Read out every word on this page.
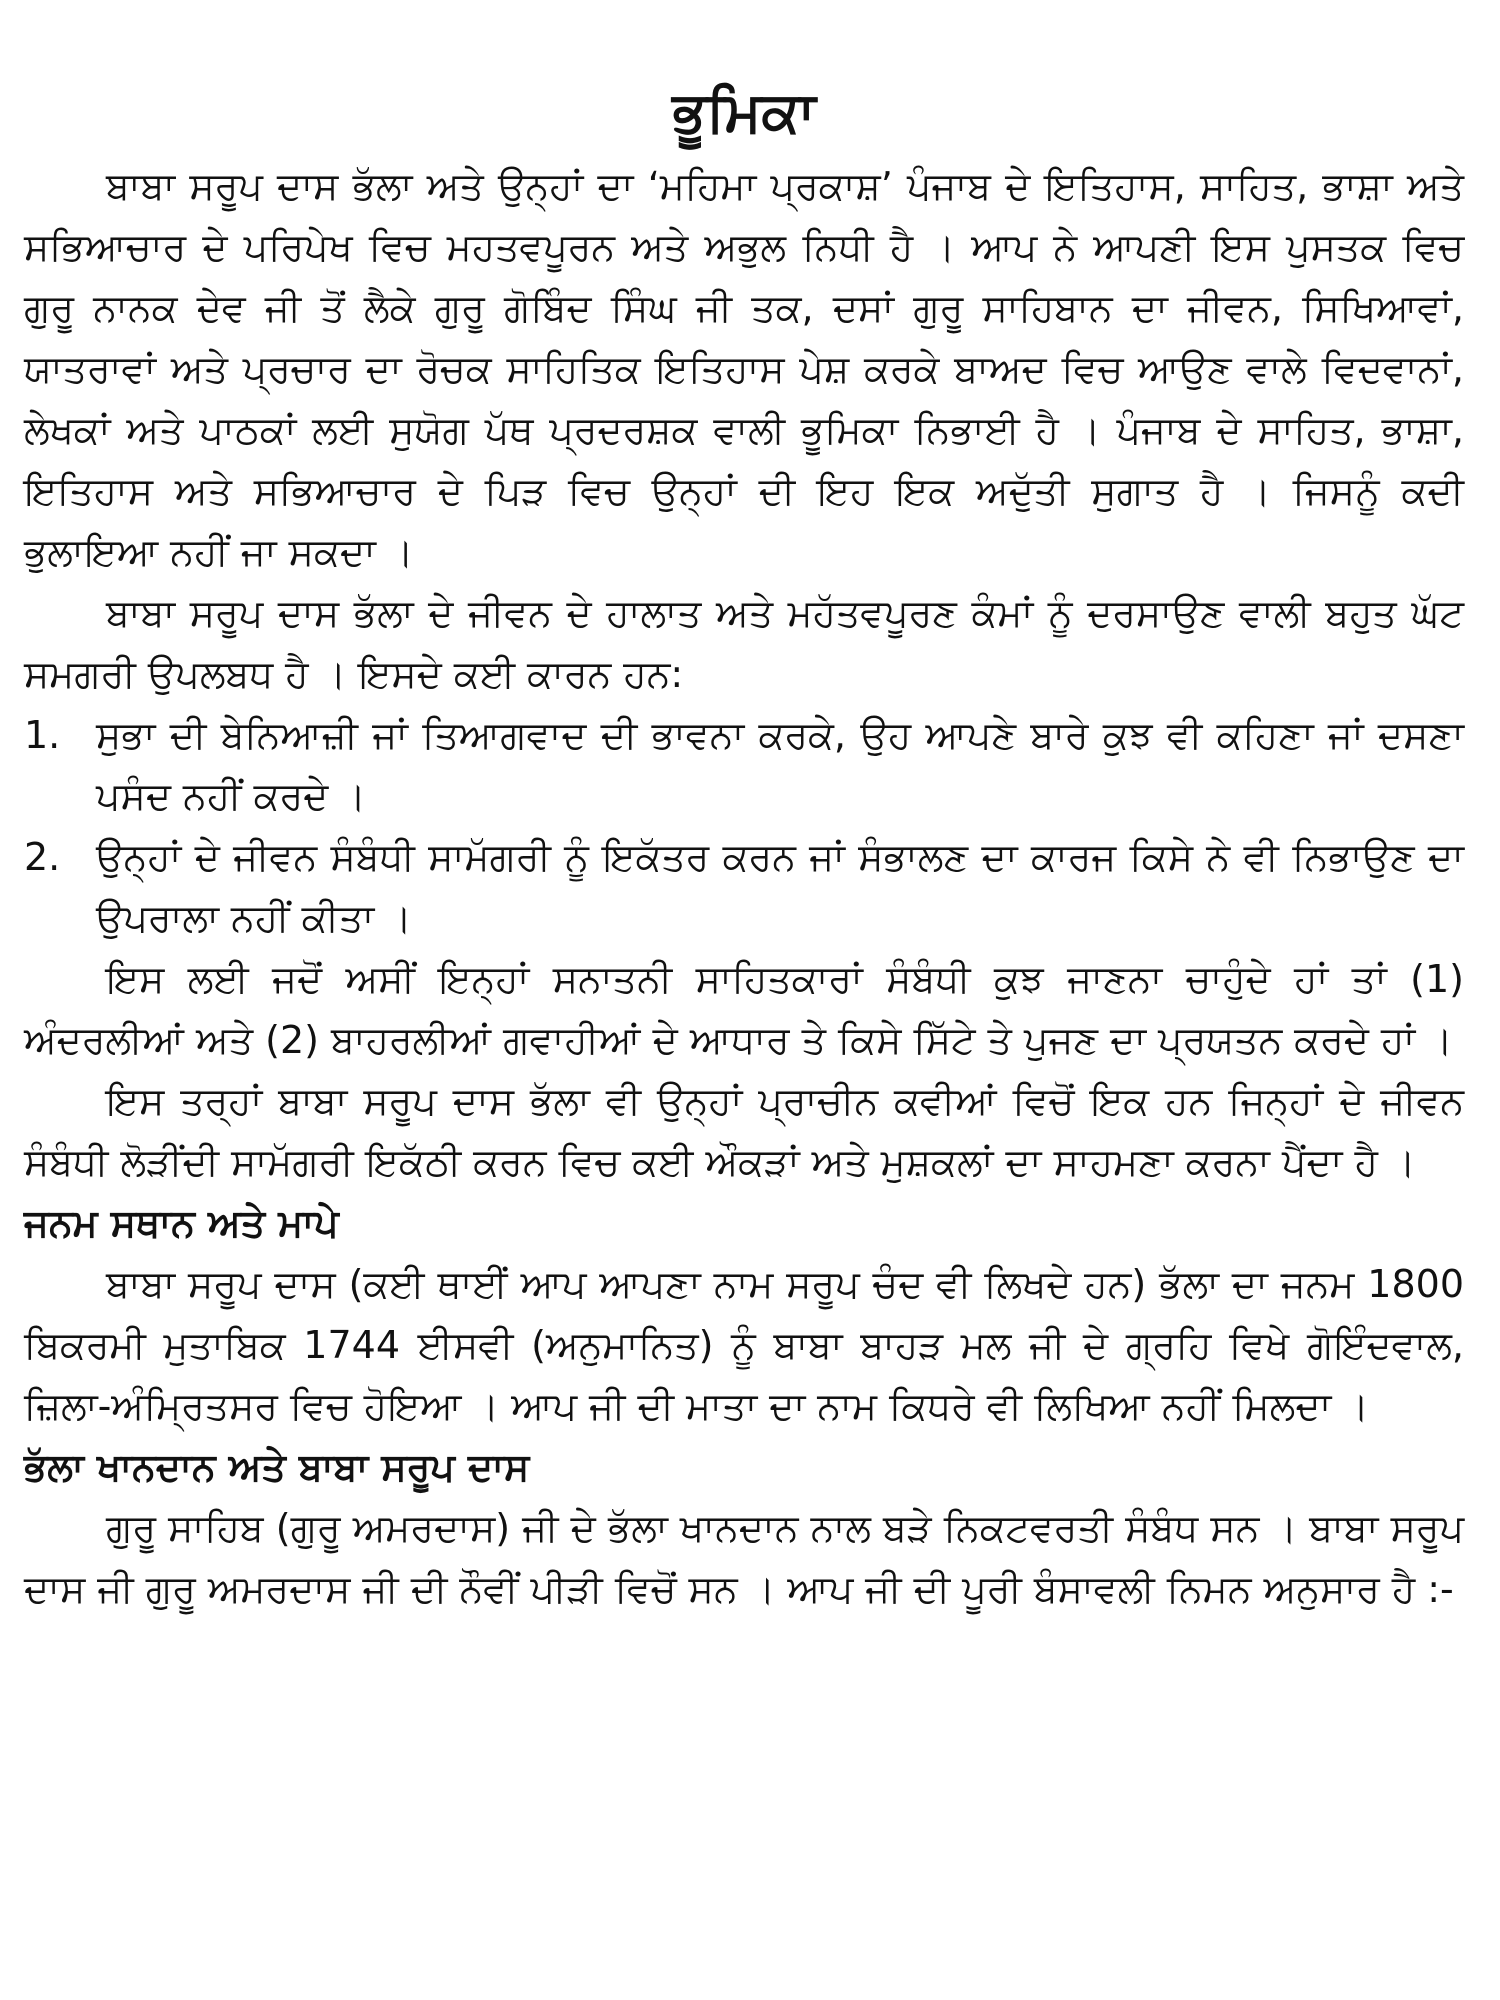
ਭੂਮਿਕਾ

ਬਾਬਾ ਸਰੂਪ ਦਾਸ ਭੱਲਾ ਅਤੇ ਉਨ੍ਹਾਂ ਦਾ ‘ਮਹਿਮਾ ਪ੍ਰਕਾਸ਼’ ਪੰਜਾਬ ਦੇ ਇਤਿਹਾਸ, ਸਾਹਿਤ, ਭਾਸ਼ਾ ਅਤੇ ਸਭਿਆਚਾਰ ਦੇ ਪਰਿਪੇਖ ਵਿਚ ਮਹਤਵਪੂਰਨ ਅਤੇ ਅਭੁਲ ਨਿਧੀ ਹੈ । ਆਪ ਨੇ ਆਪਣੀ ਇਸ ਪੁਸਤਕ ਵਿਚ ਗੁਰੂ ਨਾਨਕ ਦੇਵ ਜੀ ਤੋਂ ਲੈਕੇ ਗੁਰੂ ਗੋਬਿੰਦ ਸਿੰਘ ਜੀ ਤਕ, ਦਸਾਂ ਗੁਰੂ ਸਾਹਿਬਾਨ ਦਾ ਜੀਵਨ, ਸਿਖਿਆਵਾਂ, ਯਾਤਰਾਵਾਂ ਅਤੇ ਪ੍ਰਚਾਰ ਦਾ ਰੋਚਕ ਸਾਹਿਤਿਕ ਇਤਿਹਾਸ ਪੇਸ਼ ਕਰਕੇ ਬਾਅਦ ਵਿਚ ਆਉਣ ਵਾਲੇ ਵਿਦਵਾਨਾਂ, ਲੇਖਕਾਂ ਅਤੇ ਪਾਠਕਾਂ ਲਈ ਸੁਯੋਗ ਪੱਥ ਪ੍ਰਦਰਸ਼ਕ ਵਾਲੀ ਭੂਮਿਕਾ ਨਿਭਾਈ ਹੈ । ਪੰਜਾਬ ਦੇ ਸਾਹਿਤ, ਭਾਸ਼ਾ, ਇਤਿਹਾਸ ਅਤੇ ਸਭਿਆਚਾਰ ਦੇ ਪਿੜ ਵਿਚ ਉਨ੍ਹਾਂ ਦੀ ਇਹ ਇਕ ਅਦੁੱਤੀ ਸੁਗਾਤ ਹੈ । ਜਿਸਨੂੰ ਕਦੀ ਭੁਲਾਇਆ ਨਹੀਂ ਜਾ ਸਕਦਾ ।

ਬਾਬਾ ਸਰੂਪ ਦਾਸ ਭੱਲਾ ਦੇ ਜੀਵਨ ਦੇ ਹਾਲਾਤ ਅਤੇ ਮਹੱਤਵਪੂਰਣ ਕੰਮਾਂ ਨੂੰ ਦਰਸਾਉਣ ਵਾਲੀ ਬਹੁਤ ਘੱਟ ਸਮਗਰੀ ਉਪਲਬਧ ਹੈ । ਇਸਦੇ ਕਈ ਕਾਰਨ ਹਨ:

1. ਸੁਭਾ ਦੀ ਬੇਨਿਆਜ਼ੀ ਜਾਂ ਤਿਆਗਵਾਦ ਦੀ ਭਾਵਨਾ ਕਰਕੇ, ਉਹ ਆਪਣੇ ਬਾਰੇ ਕੁਝ ਵੀ ਕਹਿਣਾ ਜਾਂ ਦਸਣਾ ਪਸੰਦ ਨਹੀਂ ਕਰਦੇ ।
2. ਉਨ੍ਹਾਂ ਦੇ ਜੀਵਨ ਸੰਬੰਧੀ ਸਾਮੱਗਰੀ ਨੂੰ ਇਕੱਤਰ ਕਰਨ ਜਾਂ ਸੰਭਾਲਣ ਦਾ ਕਾਰਜ ਕਿਸੇ ਨੇ ਵੀ ਨਿਭਾਉਣ ਦਾ ਉਪਰਾਲਾ ਨਹੀਂ ਕੀਤਾ ।

ਇਸ ਲਈ ਜਦੋਂ ਅਸੀਂ ਇਨ੍ਹਾਂ ਸਨਾਤਨੀ ਸਾਹਿਤਕਾਰਾਂ ਸੰਬੰਧੀ ਕੁਝ ਜਾਣਨਾ ਚਾਹੁੰਦੇ ਹਾਂ ਤਾਂ (1) ਅੰਦਰਲੀਆਂ ਅਤੇ (2) ਬਾਹਰਲੀਆਂ ਗਵਾਹੀਆਂ ਦੇ ਆਧਾਰ ਤੇ ਕਿਸੇ ਸਿੱਟੇ ਤੇ ਪੁਜਣ ਦਾ ਪ੍ਰਯਤਨ ਕਰਦੇ ਹਾਂ ।

ਇਸ ਤਰ੍ਹਾਂ ਬਾਬਾ ਸਰੂਪ ਦਾਸ ਭੱਲਾ ਵੀ ਉਨ੍ਹਾਂ ਪ੍ਰਾਚੀਨ ਕਵੀਆਂ ਵਿਚੋਂ ਇਕ ਹਨ ਜਿਨ੍ਹਾਂ ਦੇ ਜੀਵਨ ਸੰਬੰਧੀ ਲੋੜੀਂਦੀ ਸਾਮੱਗਰੀ ਇਕੱਠੀ ਕਰਨ ਵਿਚ ਕਈ ਔਕੜਾਂ ਅਤੇ ਮੁਸ਼ਕਲਾਂ ਦਾ ਸਾਹਮਣਾ ਕਰਨਾ ਪੈਂਦਾ ਹੈ ।

ਜਨਮ ਸਥਾਨ ਅਤੇ ਮਾਪੇ

ਬਾਬਾ ਸਰੂਪ ਦਾਸ (ਕਈ ਥਾਈਂ ਆਪ ਆਪਣਾ ਨਾਮ ਸਰੂਪ ਚੰਦ ਵੀ ਲਿਖਦੇ ਹਨ) ਭੱਲਾ ਦਾ ਜਨਮ 1800 ਬਿਕਰਮੀ ਮੁਤਾਬਿਕ 1744 ਈਸਵੀ (ਅਨੁਮਾਨਿਤ) ਨੂੰ ਬਾਬਾ ਬਾਹੜ ਮਲ ਜੀ ਦੇ ਗ੍ਰਹਿ ਵਿਖੇ ਗੋਇੰਦਵਾਲ, ਜ਼ਿਲਾ-ਅੰਮ੍ਰਿਤਸਰ ਵਿਚ ਹੋਇਆ । ਆਪ ਜੀ ਦੀ ਮਾਤਾ ਦਾ ਨਾਮ ਕਿਧਰੇ ਵੀ ਲਿਖਿਆ ਨਹੀਂ ਮਿਲਦਾ ।

ਭੱਲਾ ਖਾਨਦਾਨ ਅਤੇ ਬਾਬਾ ਸਰੂਪ ਦਾਸ

ਗੁਰੂ ਸਾਹਿਬ (ਗੁਰੂ ਅਮਰਦਾਸ) ਜੀ ਦੇ ਭੱਲਾ ਖਾਨਦਾਨ ਨਾਲ ਬੜੇ ਨਿਕਟਵਰਤੀ ਸੰਬੰਧ ਸਨ । ਬਾਬਾ ਸਰੂਪ ਦਾਸ ਜੀ ਗੁਰੂ ਅਮਰਦਾਸ ਜੀ ਦੀ ਨੌਵੀਂ ਪੀੜੀ ਵਿਚੋਂ ਸਨ । ਆਪ ਜੀ ਦੀ ਪੂਰੀ ਬੰਸਾਵਲੀ ਨਿਮਨ ਅਨੁਸਾਰ ਹੈ :-
